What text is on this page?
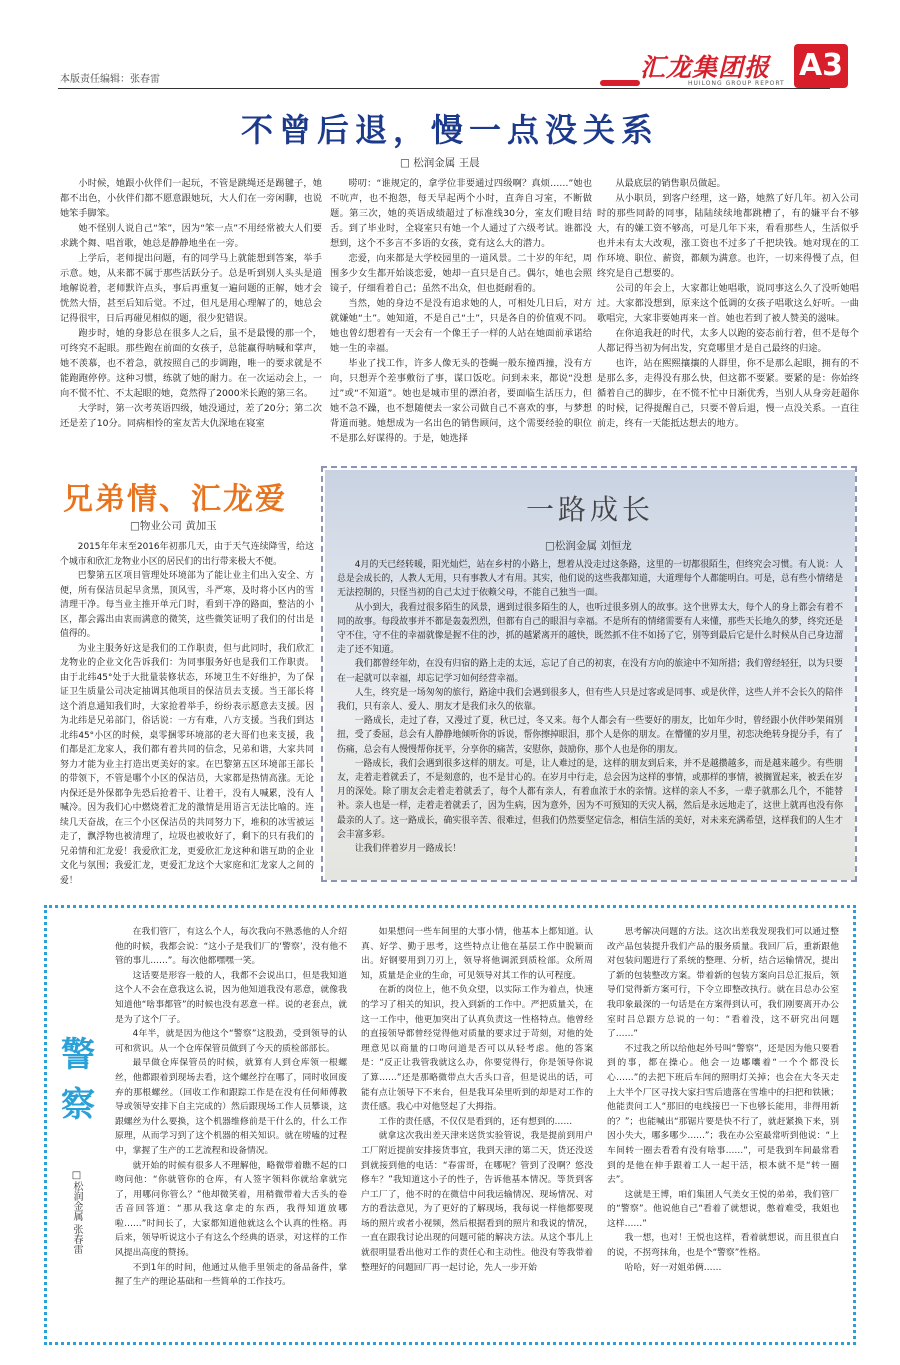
本版责任编辑：张春雷	汇龙集团报
HUILONG GROUP REPORT
A3
不曾后退，慢一点没关系
□ 松润金属 王晨

小时候，她跟小伙伴们一起玩，不管是跳绳还是踢毽子，她都不出色，小伙伴们都不愿意跟她玩，大人们在一旁闲聊，也说她笨手脚笨。

她不怪别人说自己“笨”，因为“笨一点”不用经常被大人们要求跳个舞、唱首歌，她总是静静地坐在一旁。

上学后，老师提出问题，有的同学马上就能想到答案，举手示意。她，从来都不属于那些活跃分子。总是听到别人头头是道地解说着，老师默许点头，事后再重复一遍问题的正解，她才会恍然大悟，甚至后知后觉。不过，但凡是用心理解了的，她总会记得很牢，日后再碰见相似的题，很少犯错误。

跑步时，她的身影总在很多人之后，虽不是最慢的那一个，可终究不起眼。那些跑在前面的女孩子，总能赢得呐喊和掌声，她不羡慕，也不着急，就按照自己的步调跑，唯一的要求就是不能跑跑停停。这种习惯，练就了她的耐力。在一次运动会上，一向不慌不忙、不太起眼的她，竟然得了2000米长跑的第三名。

大学时，第一次考英语四级，她没通过，差了20分；第二次还是差了10分。同病相怜的室友苦大仇深地在寝室

唠叨：“谁规定的，拿学位非要通过四级啊？真烦……”她也不吭声，也不抱怨，每天早起两个小时，直奔自习室，不断做题。第三次，她的英语成绩超过了标准线30分，室友们瞪目结舌。到了毕业时，全寝室只有她一个人通过了六级考试。谁都没想到，这个不多言不多语的女孩，竟有这么大的潜力。

恋爱，向来都是大学校园里的一道风景。二十岁的年纪，周围多少女生都开始谈恋爱，她却一直只是自己。偶尔，她也会照镜子，仔细看着自己；虽然不出众，但也挺耐看的。

当然，她的身边不是没有追求她的人，可相处几日后，对方就嫌她“土”。她知道，不是自己“土”，只是各自的价值观不同。她也曾幻想着有一天会有一个像王子一样的人站在她面前承诺给她一生的幸福。

毕业了找工作，许多人像无头的苍蝇一般东撞西撞，没有方向，只想弄个差事敷衍了事，谋口饭吃。问到未来，都说“没想过”或“不知道”。她也是城市里的漂泊者，要面临生活压力，但她不急不躁，也不想随便去一家公司做自己不喜欢的事，与梦想背道而驰。她想成为一名出色的销售顾问，这个需要经验的职位不是那么好谋得的。于是，她选择

从最底层的销售职员做起。

从小职员，到客户经理，这一路，她熬了好几年。初入公司时的那些同龄的同事，陆陆续续地都跳槽了，有的嫌平台不够大，有的嫌工资不够高，可是几年下来，看看那些人，生活似乎也并未有太大改观，涨工资也不过多了千把块钱。她对现在的工作环境、职位、薪资，都颇为满意。也许，一切来得慢了点，但终究是自己想要的。

公司的年会上，大家都让她唱歌，说同事这么久了没听她唱过。大家都没想到，原来这个低调的女孩子唱歌这么好听。一曲歌唱完，大家非要她再来一首。她也若到了被人赞美的滋味。

在你追我赶的时代，太多人以跑的姿态前行着，但不是每个人都记得当初为何出发，究竟哪里才是自己最终的归途。

也许，站在熙熙攘攘的人群里，你不是那么起眼，拥有的不是那么多，走得没有那么快，但这都不要紧。要紧的是：你始终循着自己的脚步，在不慌不忙中日渐优秀，当别人从身旁赶超你的时候，记得提醒自己，只要不曾后退，慢一点没关系。一直往前走，终有一天能抵达想去的地方。

兄弟情、汇龙爱
□物业公司 黄加玉

2015年年末至2016年初那几天，由于天气连续降雪，给这个城市和欣汇龙物业小区的居民们的出行带来极大不便。

巴黎第五区项目管理处环境部为了能让业主们出入安全、方便，所有保洁员起早贪黑，顶风雪，斗严寒，及时将小区内的雪清理干净。每当业主推开单元门时，看到干净的路面，整洁的小区，都会露出由衷而满意的微笑，这些微笑证明了我们的付出是值得的。

为业主服务好这是我们的工作职责，但与此同时，我们欣汇龙物业的企业文化告诉我们：为同事服务好也是我们工作职责。由于北纬45°处于大批量装修状态，环境卫生不好维护，为了保证卫生质量公司决定抽调其他项目的保洁员去支援。当王部长将这个消息通知我们时，大家抢着举手，纷纷表示愿意去支援。因为北纬是兄弟部门，俗话说：一方有难，八方支援。当我们到达北纬45°小区的时候，桌零捆零环境部的老大哥们也来支援，我们都是汇龙家人，我们都有着共同的信念，兄弟和谐，大家共同努力才能为业主打造出更美好的家。在巴黎第五区环境部王部长的带领下，不管是哪个小区的保洁员，大家都是热情高涨。无论内保还是外保都争先恐后抢着干、让着干，没有人喊累，没有人喊冷。因为我们心中燃烧着汇龙的激情是用语言无法比喻的。连续几天奋战，在三个小区保洁员的共同努力下，堆积的冰雪被运走了，飘浮物也被清理了，垃圾也被收好了，剩下的只有我们的兄弟情和汇龙爱！我爱欣汇龙，更爱欣汇龙这种和谐互助的企业文化与氛围；我爱汇龙，更爱汇龙这个大家庭和汇龙家人之间的爱！

一路成长
□松润金属 刘恒龙

4月的天已经转暖，阳光灿烂，站在乡村的小路上，想着从没走过这条路，这里的一切都很陌生，但终究会习惯。有人说：人总是会成长的，人教人无用，只有事教人才有用。其实，他们说的这些我都知道，大道理每个人都能明白。可是，总有些小情绪是无法控制的，只怪当初的自己太过于依赖父母，不能自己独当一面。

从小到大，我看过很多陌生的风景，遇到过很多陌生的人，也听过很多别人的故事。这个世界太大，每个人的身上都会有着不同的故事。每段故事并不都是轰轰烈烈，但都有自己的眼泪与幸福。不是所有的情绪需要有人来懂，那些天长地久的梦，终究还是守不住，守不住的幸福就像是握不住的沙，抓的越紧离开的越快，既然抓不住不如扬了它，别等到最后它是什么时候从自己身边溜走了还不知道。

我们都曾经年幼，在没有归宿的路上走的太远，忘记了自己的初衷，在没有方向的旅途中不知所措；我们曾经轻狂，以为只要在一起就可以幸福，却忘记学习如何经营幸福。

人生，终究是一场匆匆的旅行，路途中我们会遇到很多人，但有些人只是过客或是同事、或是伙伴，这些人并不会长久的陪伴我们，只有亲人、爱人、朋友才是我们永久的依靠。

一路成长，走过了春，又漫过了夏，秋已过，冬又来。每个人都会有一些要好的朋友，比如年少时，曾经跟小伙伴吵架闹别扭，受了委屈，总会有人静静地倾听你的诉说，帮你擦掉眼泪，那个人是你的朋友。在懵懂的岁月里，初恋决绝转身提分手，有了伤痛，总会有人慢慢帮你抚平，分享你的痛苦，安慰你，鼓励你，那个人也是你的朋友。

一路成长，我们会遇到很多这样的朋友。可是，让人难过的是，这样的朋友到后来，并不是越攒越多，而是越来越少。有些朋友，走着走着就丢了，不是刻意的，也不是甘心的。在岁月中行走，总会因为这样的事情，或那样的事情，被搁置起来，被丢在岁月的深处。除了朋友会走着走着就丢了，每个人都有亲人，有着血浓于水的亲情。这样的亲人不多，一辈子就那么几个，不能替补。亲人也是一样，走着走着就丢了，因为生病，因为意外，因为不可预知的天灾人祸，然后是永远地走了，这世上就再也没有你最亲的人了。这一路成长，确实很辛苦、很难过，但我们仍然要坚定信念，相信生活的美好，对未来充满希望，这样我们的人生才会丰富多彩。

让我们伴着岁月一路成长！

警察
□松润金属 张春雷

在我们管厂，有这么个人，每次我向不熟悉他的人介绍他的时候，我都会说：“这小子是我们厂的‘警察’，没有他不管的事儿……”。每次他都嘿嘿一笑。

这话要是形容一般的人，我都不会说出口，但是我知道这个人不会在意我这么说，因为他知道我没有恶意，就像我知道他“啥事都管”的时候也没有恶意一样。说的老套点，就是为了这个厂子。

4年半，就是因为他这个“警察”这股劲，受到领导的认可和赏识。从一个仓库保管员做到了今天的质检部部长。

最早做仓库保管员的时候，就算有人到仓库领一根螺丝，他都跟着到现场去看，这个螺丝拧在哪了，同时收回废弃的那根螺丝。（回收工作和跟踪工作是在没有任何师傅教导或领导安排下自主完成的）然后跟现场工作人员攀谈，这跟螺丝为什么要换，这个机器维修前是干什么的，什么工作原理，从而学习到了这个机器的相关知识。就在唠嗑的过程中，掌握了生产的工艺流程和设备情况。

就开始的时候有很多人不理解他，略微带着瞧不起的口吻问他：“你就管你的仓库，有人签字领料你就给拿就完了，用哪问你管么？”他却微笑着，用稍微带着大舌头的卷舌音回答道：“那从我这拿走的东西，我得知道放哪啦……”时间长了，大家都知道他就这么个认真的性格。再后来，领导听说这小子有这么个经典的语录，对这样的工作风提出高度的赞扬。

不到1年的时间，他通过从他手里领走的备品备件，掌握了生产的理论基础和一些简单的工作技巧。

如果想问一些车间里的大事小情，他基本上都知道。认真、好学、勤于思考，这些特点让他在基层工作中脱颖而出。好钢要用到刀刃上，领导将他调派到质检部。众所周知，质量是企业的生命，可见领导对其工作的认可程度。

在新的岗位上，他不负众望，以实际工作为着点，快速的学习了相关的知识，投入到新的工作中。严把质量关，在这一工作中，他更加突出了认真负责这一性格特点。他曾经的直接领导都曾经觉得他对质量的要求过于苛刻，对他的处理意见以商量的口吻问道是否可以从轻考虑。他的答案是：“反正让我管我就这么办，你要觉得行，你是领导你说了算……”还是那略微带点大舌头口音，但是说出的话，可能有点让领导下不来台，但是我耳朵里听到的却是对工作的责任感。我心中对他竖起了大拇指。

工作的责任感，不仅仅是看到的，还有想到的……

就拿这次我出差天津来送货实验管说，我是提前到用户工厂附近提前安排接货事宜，我到天津的第二天，货还没送到就接到他的电话：“春雷哥，在哪呢？管到了没啊？悠没修车？”我知道这小子的性子，告诉他基本情况。等货到客户工厂了，他不时的在微信中问我运输情况、现场情况、对方的看法意见，为了更好的了解现场，我每说一样他都要现场的照片或者小视频，然后根据看到的照片和我说的情况，一直在跟我讨论出现的问题可能的解决方法。从这个事儿上就很明显看出他对工作的责任心和主动性。他没有等我带着整理好的问题回厂再一起讨论，先人一步开始

思考解决问题的方法。这次出差我发现我们可以通过整改产品包装提升我们产品的服务质量。我回厂后，重新跟他对包装问题进行了系统的整理、分析，结合运输情况，提出了新的包装整改方案。带着新的包装方案向吕总汇报后，领导们觉得新方案可行，下令立即整改执行。就在吕总办公室我印象最深的一句话是在方案得到认可，我们刚要离开办公室时吕总跟方总说的一句：“看着没，这不研究出问题了……”

不过我之所以给他起外号叫“警察”，还是因为他只要看到的事，都在操心。他会一边嘟囔着“一个个都没长心……”的去把下班后车间的照明灯关掉；也会在大冬天走上大半个厂区寻找大家扫雪后遗落在雪堆中的扫把和铁锹；他能责问工人“那旧的电线接巴一下也够长能用，非得用新的？”；也能喊出“那锯片要是快不行了，就赶紧换下来，别因小失大，哪多哪少……”；我在办公室最常听到他说：“上车间转一圈去看看有没有啥事……”，可是我到车间最常看到的是他在伸手跟着工人一起干活，根本就不是“转一圈去”。

这就是王博，咱们集团人气美女王悦的弟弟，我们管厂的“警察”。他说他自己“看着了就想说，憋着难受，我姐也这样……”

我一想，也对！王悦也这样，看着就想说，而且很直白的说，不拐弯抹角，也是个“警察”性格。

哈哈，好一对姐弟俩……
